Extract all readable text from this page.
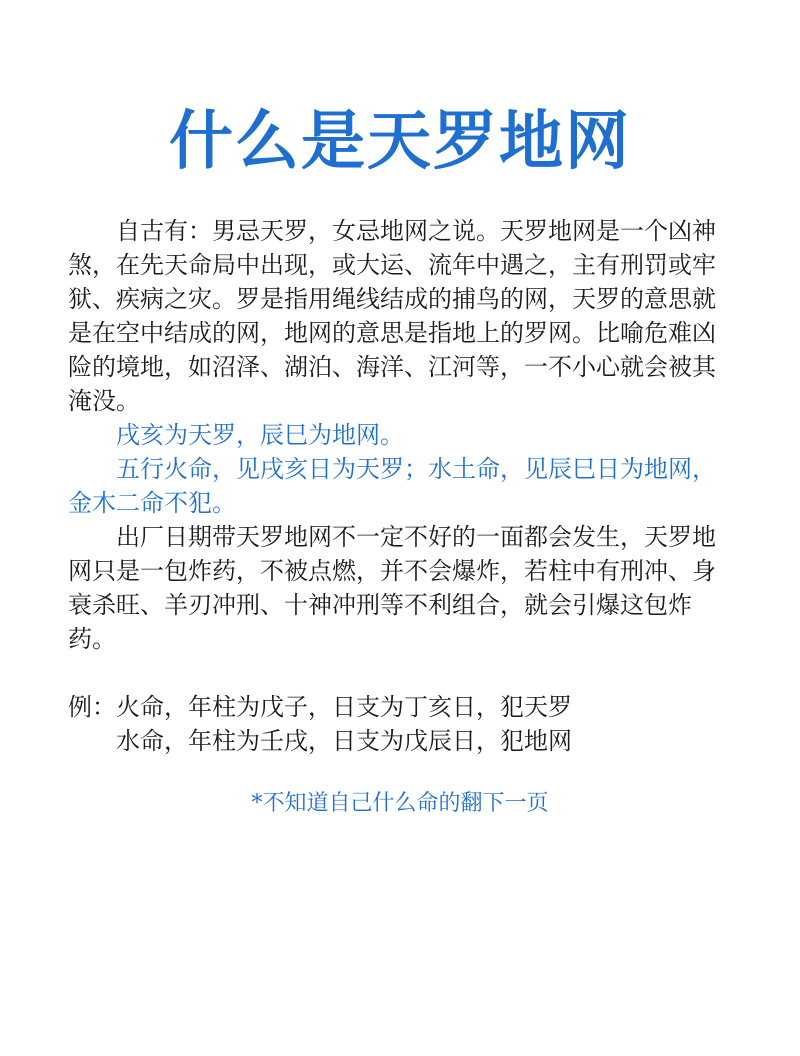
什么是天罗地网

自古有：男忌天罗，女忌地网之说。天罗地网是一个凶神煞，在先天命局中出现，或大运、流年中遇之，主有刑罚或牢狱、疾病之灾。罗是指用绳线结成的捕鸟的网，天罗的意思就是在空中结成的网，地网的意思是指地上的罗网。比喻危难凶险的境地，如沼泽、湖泊、海洋、江河等，一不小心就会被其淹没。

戌亥为天罗，辰巳为地网。

五行火命，见戌亥日为天罗；水土命，见辰巳日为地网，金木二命不犯。

出厂日期带天罗地网不一定不好的一面都会发生，天罗地网只是一包炸药，不被点燃，并不会爆炸，若柱中有刑冲、身衰杀旺、羊刃冲刑、十神冲刑等不利组合，就会引爆这包炸药。

例： 火命，年柱为戊子，日支为丁亥日，犯天罗
水命，年柱为壬戌，日支为戊辰日，犯地网
*不知道自己什么命的翻下一页
